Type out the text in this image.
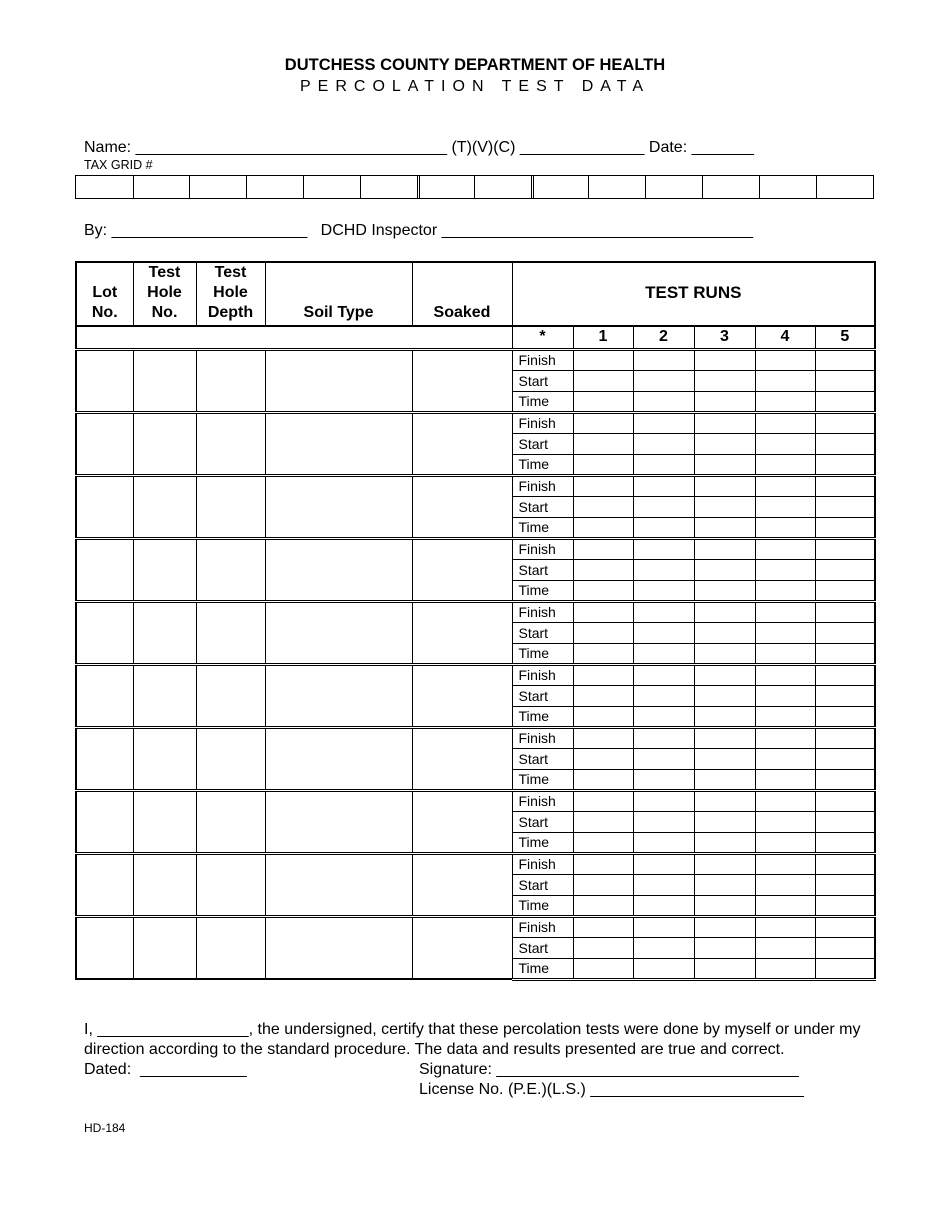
DUTCHESS COUNTY DEPARTMENT OF HEALTH
PERCOLATION TEST DATA
Name: ___________________________________ (T)(V)(C) ______________ Date: _______
TAX GRID #
By: ______________________   DCHD Inspector ___________________________________
Lot No.	Test Hole No.	Test Hole Depth	Soil Type	Soaked	TEST RUNS					
					*	1	2	3	4	5
					Finish					
					Start					
					Time					
					Finish					
					Start					
					Time					
					Finish					
					Start					
					Time					
					Finish					
					Start					
					Time					
					Finish					
					Start					
					Time					
					Finish					
					Start					
					Time					
					Finish					
					Start					
					Time					
					Finish					
					Start					
					Time					
					Finish					
					Start					
					Time					
					Finish					
					Start					
					Time					
I, _________________, the undersigned, certify that these percolation tests were done by myself or under my direction according to the standard procedure. The data and results presented are true and correct.
Dated:  ____________	Signature: __________________________________
License No. (P.E.)(L.S.) ________________________
HD-184
